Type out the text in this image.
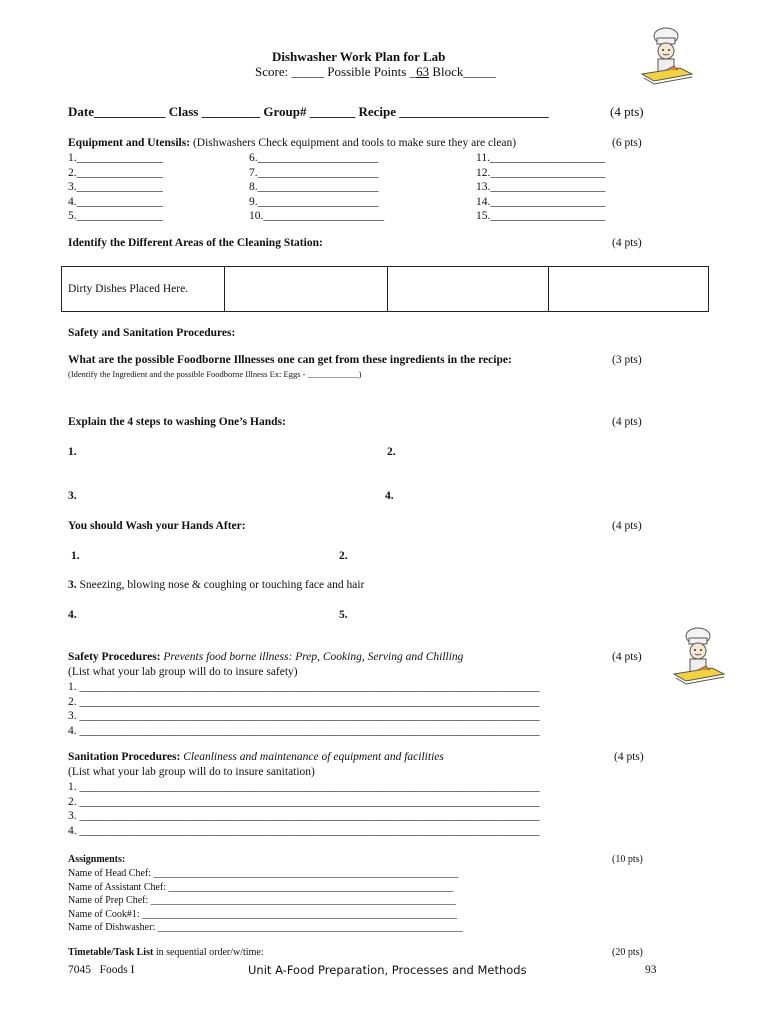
Dishwasher Work Plan for Lab
Score: _____ Possible Points _63 Block_____
Date___________ Class _________ Group# _______ Recipe _______________________	(4 pts)
Equipment and Utensils: (Dishwashers Check equipment and tools to make sure they are clean)	(6 pts)
1._______________
2._______________
3._______________
4._______________
5._______________
6._____________________
7._____________________
8._____________________
9._____________________
10._____________________
11.____________________
12.____________________
13.____________________
14.____________________
15.____________________
Identify the Different Areas of the Cleaning Station:	(4 pts)
Dirty Dishes Placed Here.			
Safety and Sanitation Procedures:
What are the possible Foodborne Illnesses one can get from these ingredients in the recipe:	(3 pts)
(Identify the Ingredient and the possible Foodborne Illness Ex: Eggs - ____________)
Explain the 4 steps to washing One’s Hands:	(4 pts)
1.	2.
3.	4.
You should Wash your Hands After:	(4 pts)
1.	2.
3. Sneezing, blowing nose & coughing or touching face and hair
4.	5.
Safety Procedures: Prevents food borne illness: Prep, Cooking, Serving and Chilling	(4 pts)
(List what your lab group will do to insure safety)
1. ________________________________________________________________________________
2. ________________________________________________________________________________
3. ________________________________________________________________________________
4. ________________________________________________________________________________
Sanitation Procedures: Cleanliness and maintenance of equipment and facilities	(4 pts)
(List what your lab group will do to insure sanitation)
1. ________________________________________________________________________________
2. ________________________________________________________________________________
3. ________________________________________________________________________________
4. ________________________________________________________________________________
Assignments:	(10 pts)
Name of Head Chef: _____________________________________________________________
Name of Assistant Chef: _________________________________________________________
Name of Prep Chef: _____________________________________________________________
Name of Cook#1: _______________________________________________________________
Name of Dishwasher: _____________________________________________________________
Timetable/Task List in sequential order/w/time:	(20 pts)
7045   Foods I	Unit A-Food Preparation, Processes and Methods	93
